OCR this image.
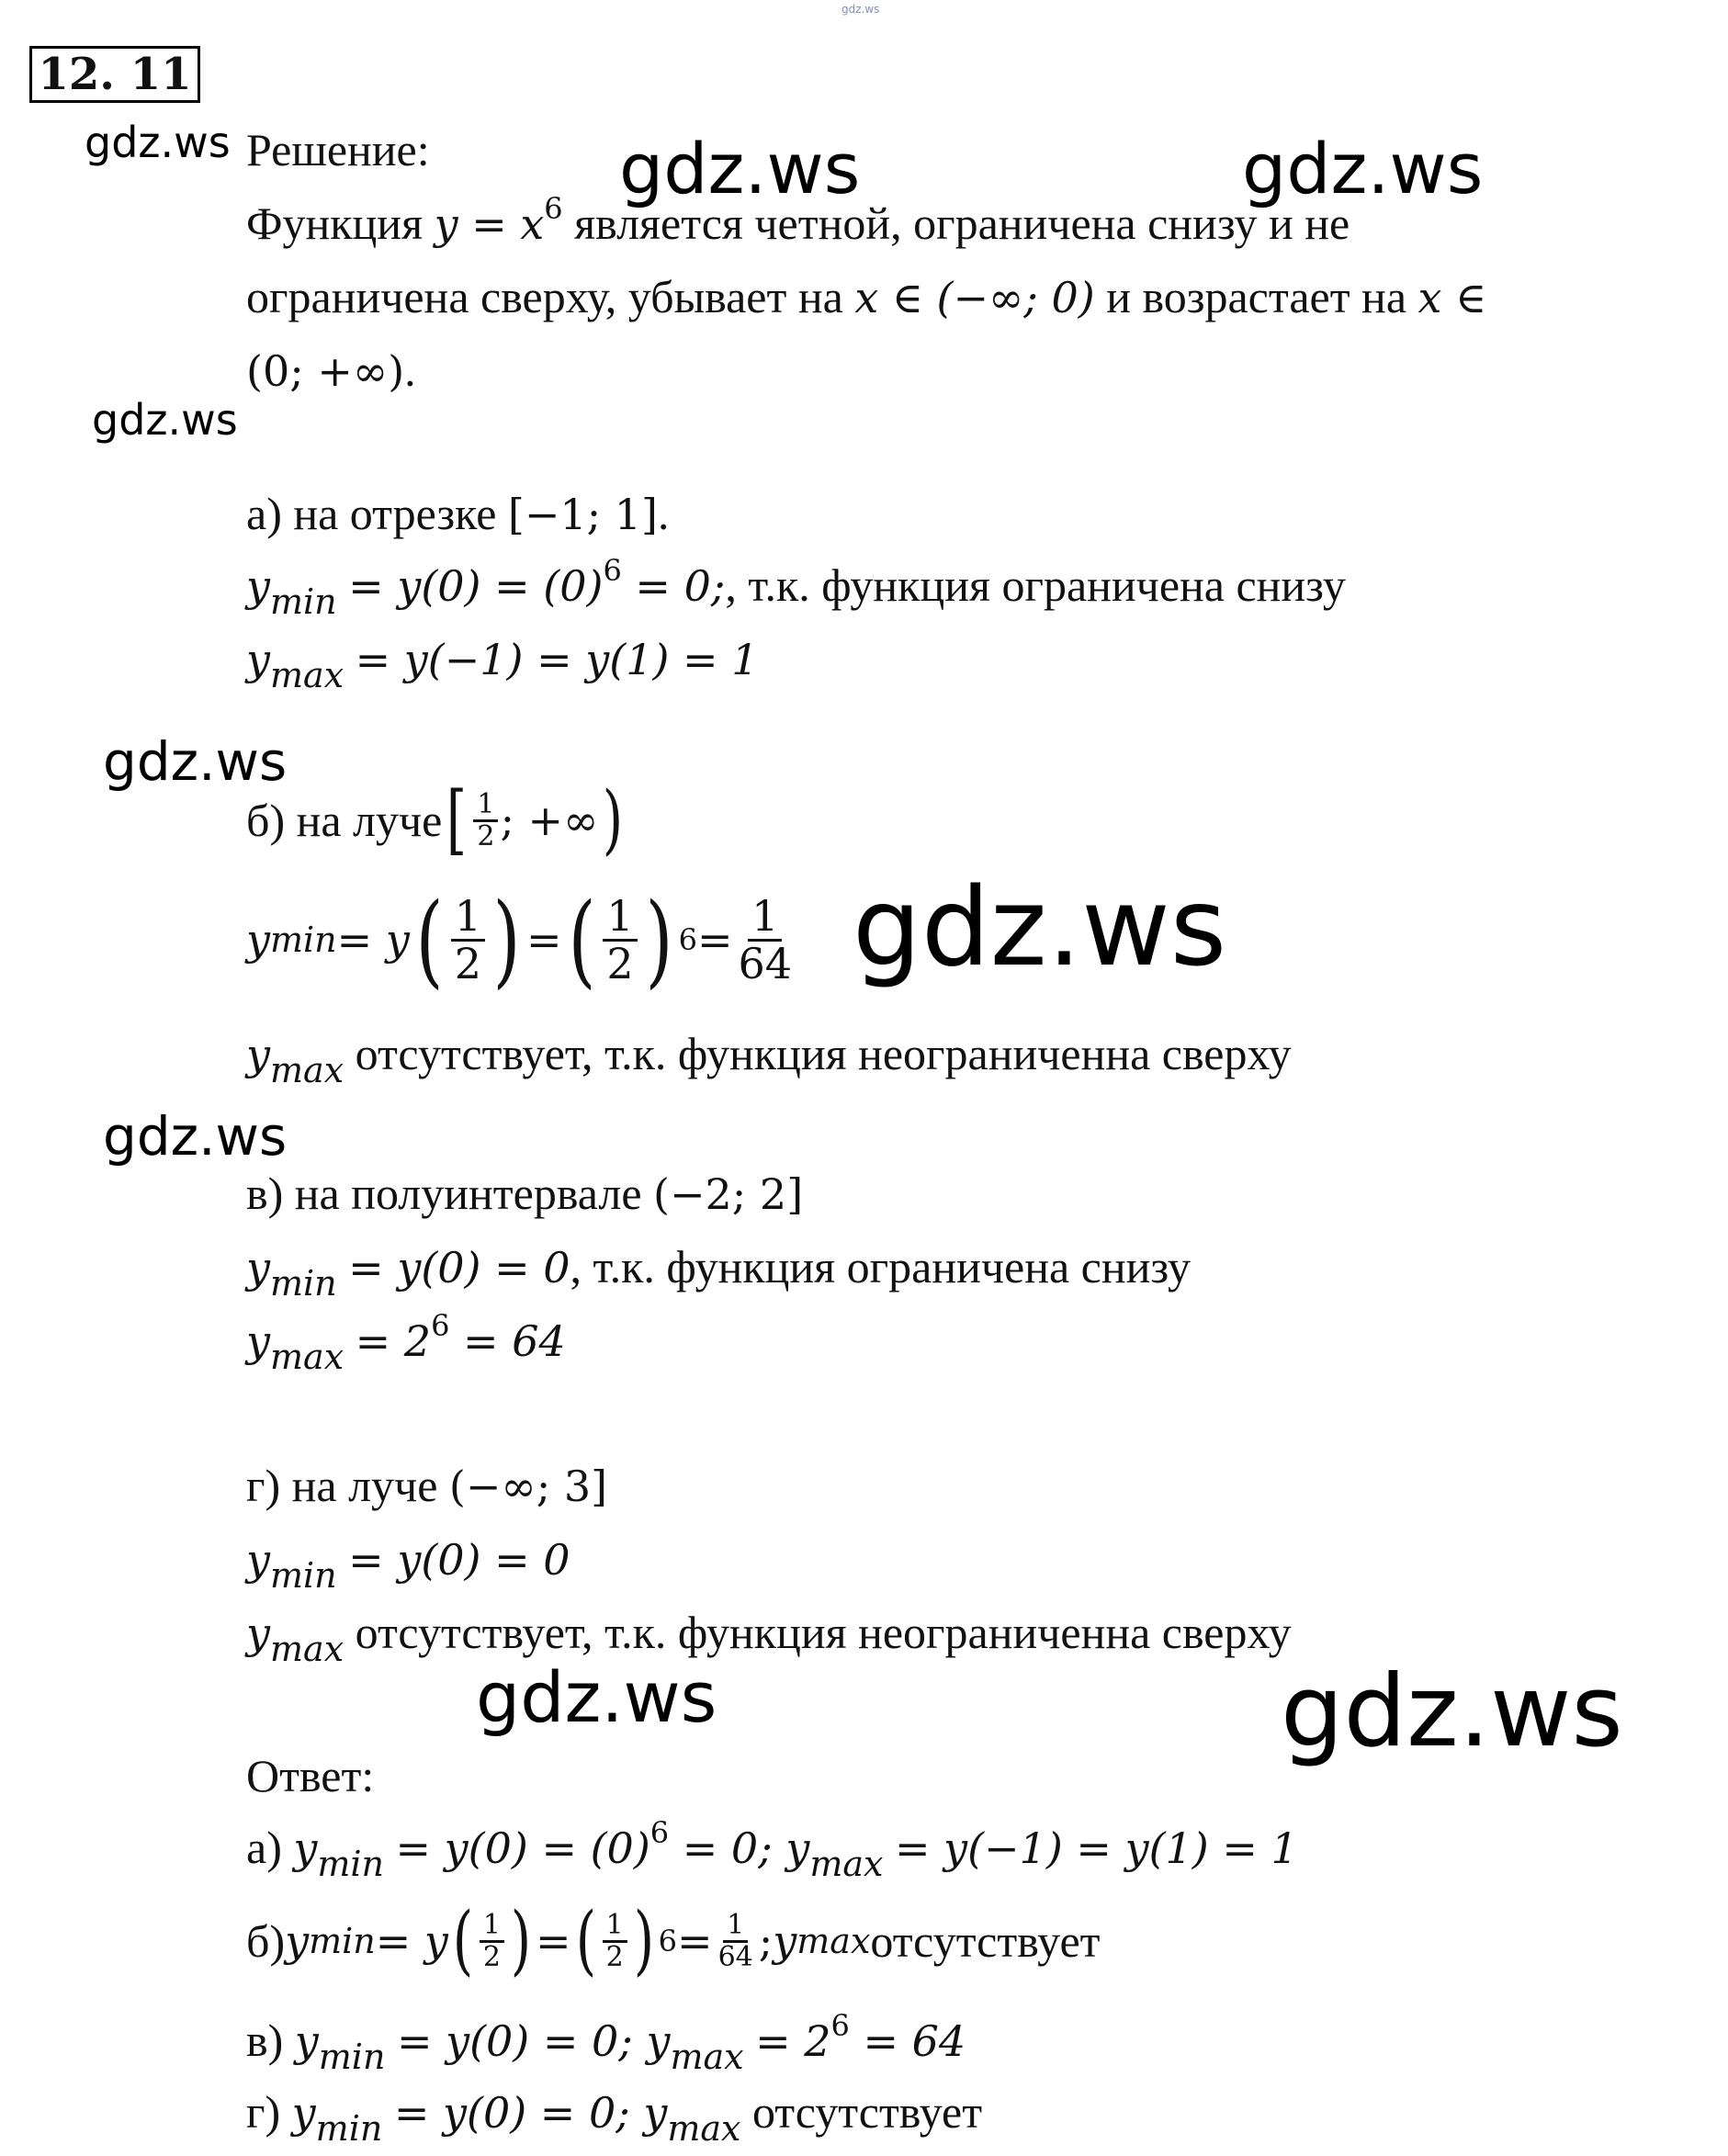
gdz.ws
12. 11
gdz.ws	gdz.ws	gdz.ws
gdz.ws
gdz.ws
gdz.ws
gdz.ws
gdz.ws	gdz.ws
Решение:
Функция $y = x^6$ является четной, ограничена снизу и не
ограничена сверху, убывает на x ∈ (−∞; 0) и возрастает на x ∈
(0; +∞).
а) на отрезке [−1; 1].
$y_{min} = y(0) = (0)^6 = 0$;, т.к. функция ограничена снизу
$y_{max} = y(-1) = y(1) = 1$
б) на луче [ $\frac{1}{2}$ ; +∞ )
y min = y ( $\frac{1}{2}$ ) = ( $\frac{1}{2}$ ) $6 = \frac{1}{64}$
$y_{max}$ отсутствует, т.к. функция неограниченна сверху
в) на полуинтервале (−2; 2]
$y_{min} = y(0) = 0$, т.к. функция ограничена снизу
$y_{max} = 2^6 = 64$
г) на луче (−∞; 3]
$y_{min} = y(0) = 0$
$y_{max}$ отсутствует, т.к. функция неограниченна сверху
Ответ:
а) $y_{min} = y(0) = (0)^6 = 0$; $y_{max} = y(-1) = y(1) = 1$
б) y min = y ( $\frac{1}{2}$ ) = ( $\frac{1}{2}$ ) $6 = \frac{1}{64}$ ; y max отсутствует
в) $y_{min} = y(0) = 0$; $y_{max} = 2^6 = 64$
г) $y_{min} = y(0) = 0$; $y_{max}$ отсутствует
